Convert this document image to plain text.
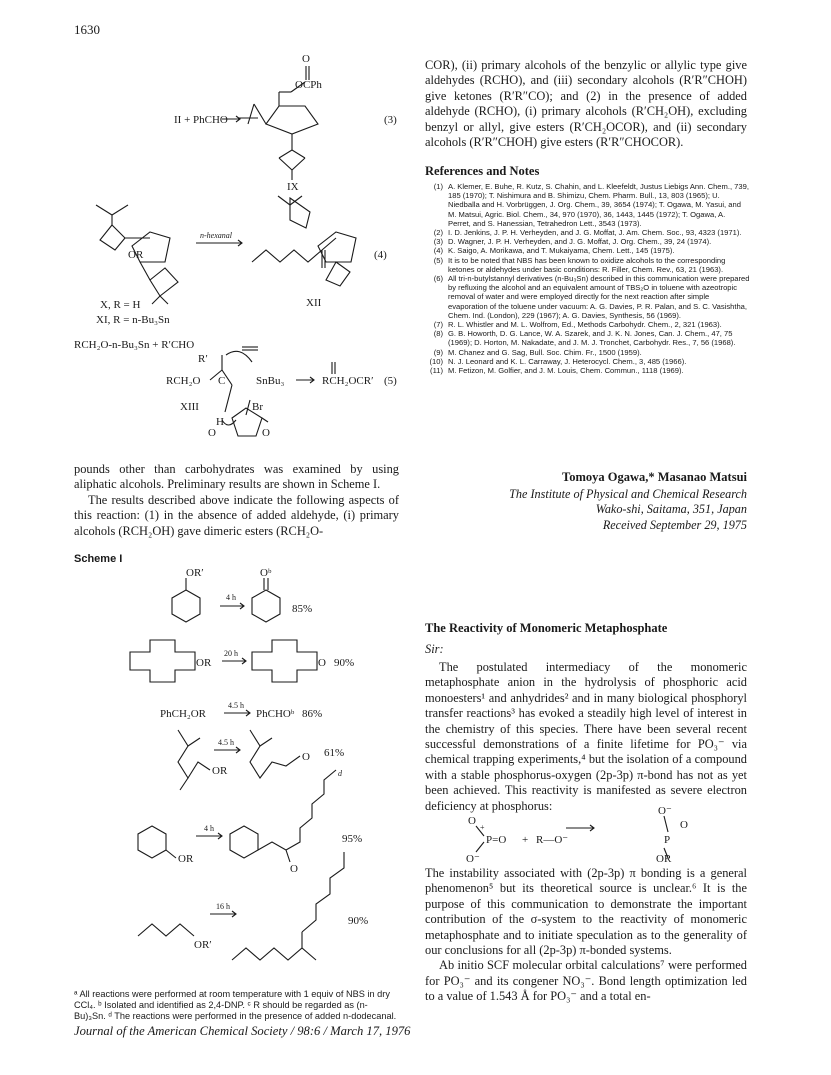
1630
COR), (ii) primary alcohols of the benzylic or allylic type give aldehydes (RCHO), and (iii) secondary alcohols (R′R″CHOH) give ketones (R′R″CO); and (2) in the presence of added aldehyde (RCHO), (i) primary alcohols (R′CH₂OH), excluding benzyl or allyl, give esters (R′CH₂OCOR), and (ii) secondary alcohols (R′R″CHOH) give esters (R′R″CHOCOR).
References and Notes
(1) A. Klemer, E. Buhe, R. Kutz, S. Chahin, and L. Kleefeldt, Justus Liebigs Ann. Chem., 739, 185 (1970); T. Nishimura and B. Shimizu, Chem. Pharm. Bull., 13, 803 (1965); U. Niedballa and H. Vorbrüggen, J. Org. Chem., 39, 3654 (1974); T. Ogawa, M. Yasui, and M. Matsui, Agric. Biol. Chem., 34, 970 (1970), 36, 1443, 1445 (1972); T. Ogawa, A. Perret, and S. Hanessian, Tetrahedron Lett., 3543 (1973).
(2) I. D. Jenkins, J. P. H. Verheyden, and J. G. Moffat, J. Am. Chem. Soc., 93, 4323 (1971).
(3) D. Wagner, J. P. H. Verheyden, and J. G. Moffat, J. Org. Chem., 39, 24 (1974).
(4) K. Saigo, A. Morikawa, and T. Mukaiyama, Chem. Lett., 145 (1975).
(5) It is to be noted that NBS has been known to oxidize alcohols to the corresponding ketones or aldehydes under basic conditions: R. Filler, Chem. Rev., 63, 21 (1963).
(6) All tri-n-butylstannyl derivatives (n-Bu₃Sn) described in this communication were prepared by refluxing the alcohol and an equivalent amount of TBS₂O in toluene with azeotropic removal of water and were employed directly for the next reaction after simple evaporation of the toluene under vacuum: A. G. Davies, P. R. Palan, and S. C. Vasishtha, Chem. Ind. (London), 229 (1967); A. G. Davies, Synthesis, 56 (1969).
(7) R. L. Whistler and M. L. Wolfrom, Ed., Methods Carbohydr. Chem., 2, 321 (1963).
(8) G. B. Howorth, D. G. Lance, W. A. Szarek, and J. K. N. Jones, Can. J. Chem., 47, 75 (1969); D. Horton, M. Nakadate, and J. M. J. Tronchet, Carbohydr. Res., 7, 56 (1968).
(9) M. Chanez and G. Sag, Bull. Soc. Chim. Fr., 1500 (1959).
(10) N. J. Leonard and K. L. Carraway, J. Heterocycl. Chem., 3, 485 (1966).
(11) M. Fetizon, M. Golfier, and J. M. Louis, Chem. Commun., 1118 (1969).
Tomoya Ogawa,* Masanao Matsui
The Institute of Physical and Chemical Research
Wako-shi, Saitama, 351, Japan
Received September 29, 1975
pounds other than carbohydrates was examined by using aliphatic alcohols. Preliminary results are shown in Scheme I.
The results described above indicate the following aspects of this reaction: (1) in the absence of added aldehyde, (i) primary alcohols (RCH₂OH) gave dimeric esters (RCH₂O-
Scheme I
ᵃ All reactions were performed at room temperature with 1 equiv of NBS in dry CCl₄. ᵇ Isolated and identified as 2,4-DNP. ᶜ R should be regarded as (n-Bu)₃Sn. ᵈ The reactions were performed in the presence of added n-dodecanal.
The Reactivity of Monomeric Metaphosphate
Sir:
The postulated intermediacy of the monomeric metaphosphate anion in the hydrolysis of phosphoric acid monoesters¹ and anhydrides² and in many biological phosphoryl transfer reactions³ has evoked a steadily high level of interest in the chemistry of this species. There have been several recent successful demonstrations of a finite lifetime for PO₃⁻ via chemical trapping experiments,⁴ but the isolation of a compound with a stable phosphorus-oxygen (2p-3p) π-bond has not as yet been achieved. This reactivity is manifested as severe electron deficiency at phosphorus:
The instability associated with (2p-3p) π bonding is a general phenomenon⁵ but its theoretical source is unclear.⁶ It is the purpose of this communication to demonstrate the important contribution of the σ-system to the reactivity of monomeric metaphosphate and to initiate speculation as to the generality of our conclusions for all (2p-3p) π-bonded systems.
Ab initio SCF molecular orbital calculations⁷ were performed for PO₃⁻ and its congener NO₃⁻. Bond length optimization led to a value of 1.543 Å for PO₃⁻ and a total en-
Journal of the American Chemical Society / 98:6 / March 17, 1976
II + PhCHO	(3)
O
OCPh
IX
OR
n-hexanal
(4)
X, R = H
XI, R = n-Bu₃Sn
XII
RCH₂O-n-Bu₃Sn + R′CHO
R′
RCH₂O C	SnBu₃	RCH₂OCR′ (5)
XIII
H
Br
O	O
OR′	Oᵇ
4 h
85%
OR
20 h
O 90%
PhCH₂OR
4.5 h
PhCHOᵇ 86%
OR
4.5 h
O 61%
OR
4 h
O
d
95%
OR′
16 h
90%
O
+
P=O
O⁻
+ R—O⁻
O⁻
P
O
OR
